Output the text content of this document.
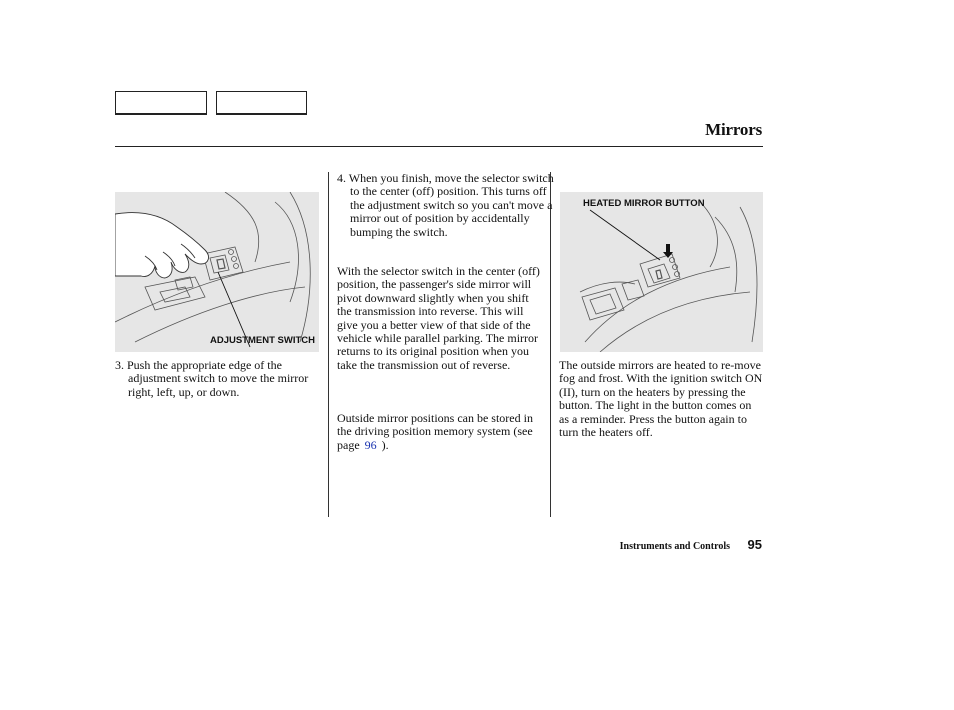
Mirrors
ADJUSTMENT SWITCH
HEATED MIRROR BUTTON

3. Push the appropriate edge of the adjustment switch to move the mirror right, left, up, or down.

4. When you finish, move the selector switch to the center (off) position. This turns off the adjustment switch so you can't move a mirror out of position by accidentally bumping the switch.

With the selector switch in the center (off) position, the passenger's side mirror will pivot downward slightly when you shift the transmission into reverse. This will give you a better view of that side of the vehicle while parallel parking. The mirror returns to its original position when you take the transmission out of reverse.

Outside mirror positions can be stored in the driving position memory system (see page 96 ).

The outside mirrors are heated to re-move fog and frost. With the ignition switch ON (II), turn on the heaters by pressing the button. The light in the button comes on as a reminder. Press the button again to turn the heaters off.

Instruments and Controls 95
